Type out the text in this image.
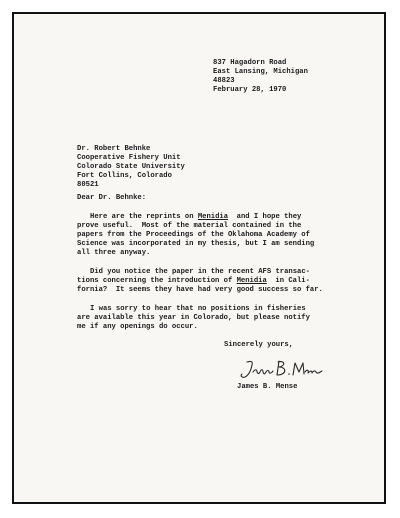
837 Hagadorn Road
East Lansing, Michigan
48823
February 28, 1970
Dr. Robert Behnke
Cooperative Fishery Unit
Colorado State University
Fort Collins, Colorado
80521
Dear Dr. Behnke:
Here are the reprints on Menidia  and I hope they
prove useful.  Most of the material contained in the
papers from the Proceedings of the Oklahoma Academy of
Science was incorporated in my thesis, but I am sending
all three anyway.
Did you notice the paper in the recent AFS transac-
tions concerning the introduction of Menidia  in Cali-
fornia?  It seems they have had very good success so far.
I was sorry to hear that no positions in fisheries
are available this year in Colorado, but please notify
me if any openings do occur.
Sincerely yours,
James B. Mense
